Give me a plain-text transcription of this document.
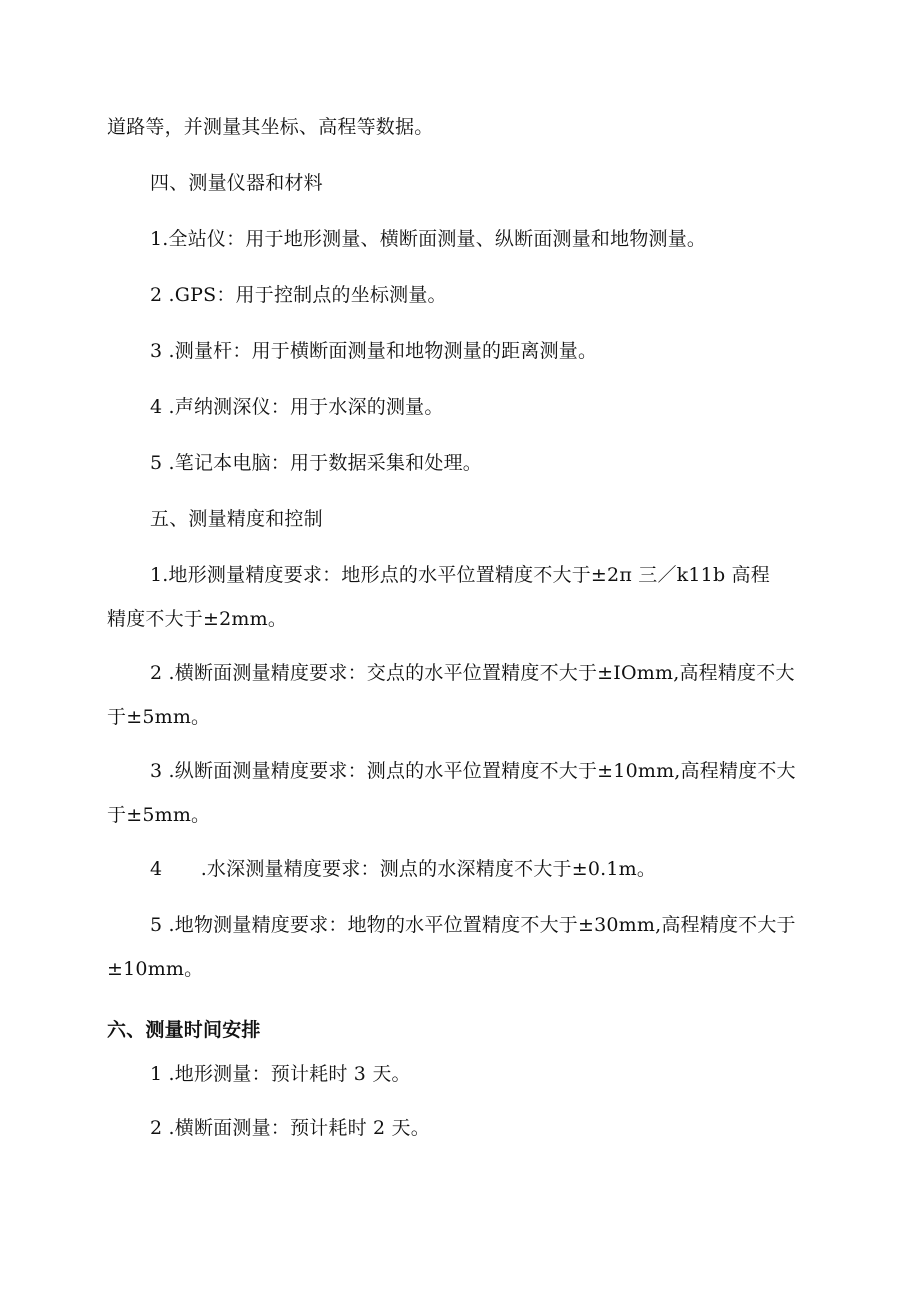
道路等，并测量其坐标、高程等数据。
四、测量仪器和材料
1.全站仪：用于地形测量、横断面测量、纵断面测量和地物测量。
2 .GPS：用于控制点的坐标测量。
3 .测量杆：用于横断面测量和地物测量的距离测量。
4 .声纳测深仪：用于水深的测量。
5 .笔记本电脑：用于数据采集和处理。
五、测量精度和控制
1.地形测量精度要求：地形点的水平位置精度不大于±2π 三／k11b 高程
精度不大于±2mm。
2 .横断面测量精度要求：交点的水平位置精度不大于±IOmm,高程精度不大
于±5mm。
3 .纵断面测量精度要求：测点的水平位置精度不大于±10mm,高程精度不大
于±5mm。
4　　.水深测量精度要求：测点的水深精度不大于±0.1m。
5 .地物测量精度要求：地物的水平位置精度不大于±30mm,高程精度不大于
±10mm。
六、测量时间安排
1 .地形测量：预计耗时 3 天。
2 .横断面测量：预计耗时 2 天。
